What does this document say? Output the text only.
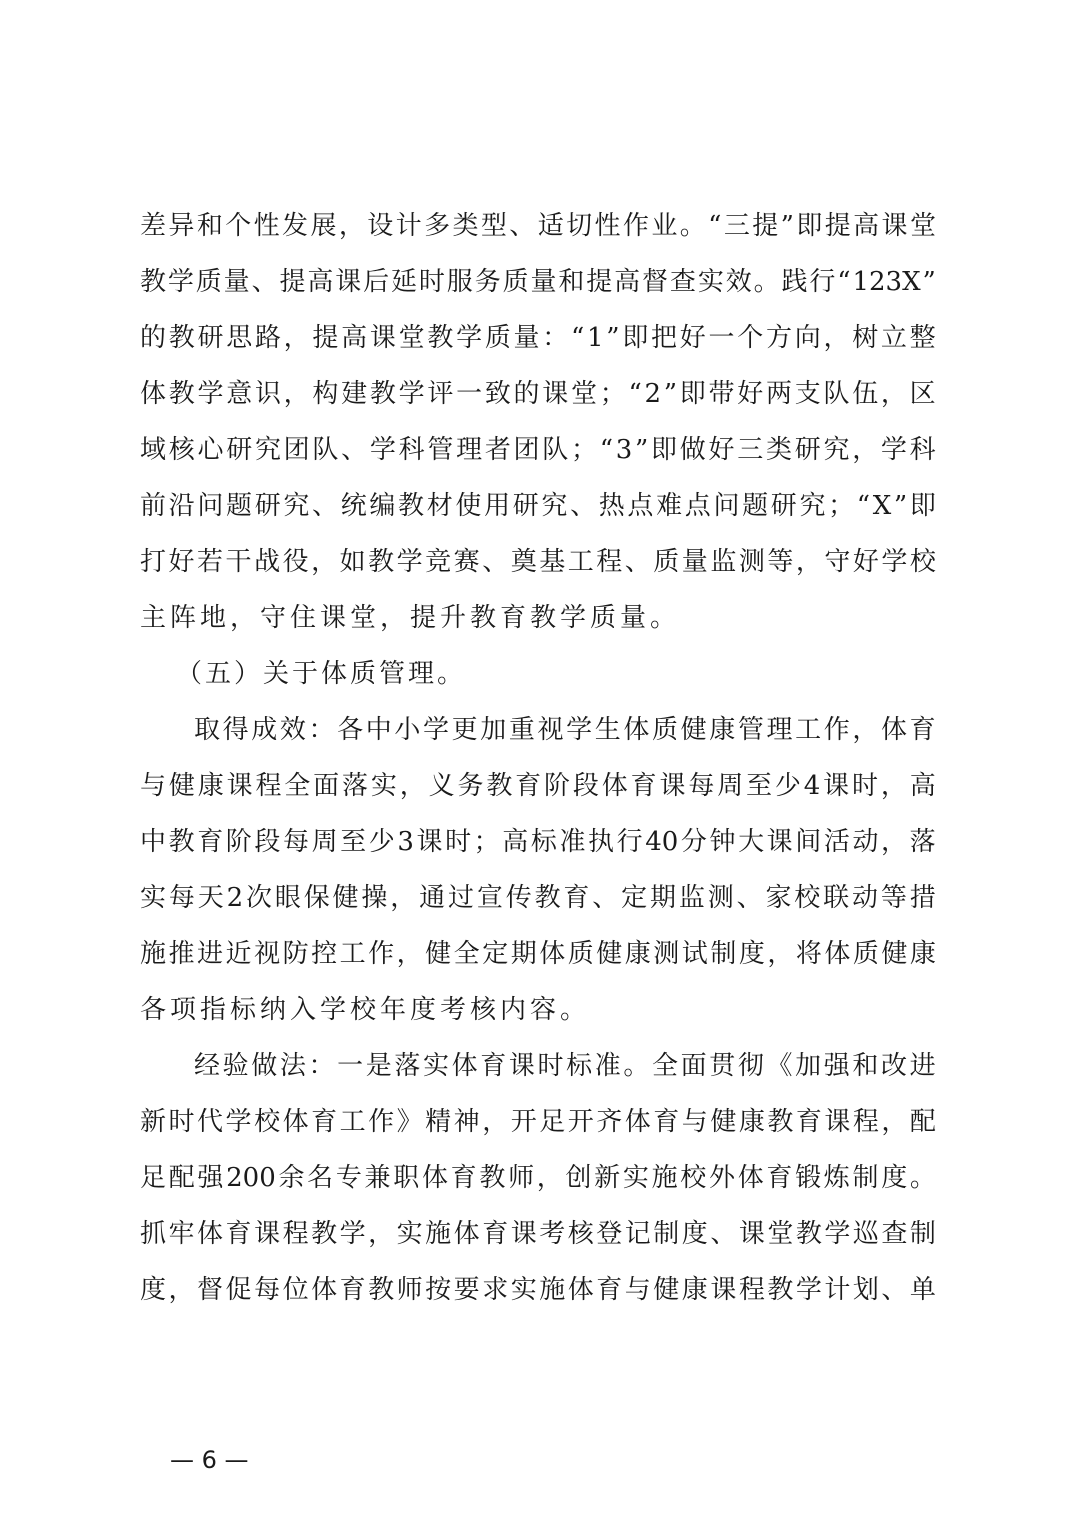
差 异 和 个 性 发 展 ， 设 计 多 类 型 、 适 切 性 作 业 。 “ 三 提 ” 即 提 高 课 堂
教 学 质 量 、 提 高 课 后 延 时 服 务 质 量 和 提 高 督 查 实 效 。 践 行 “ 123X ”
的 教 研 思 路 ， 提 高 课 堂 教 学 质 量 ： “ 1 ” 即 把 好 一 个 方 向 ， 树 立 整
体 教 学 意 识 ， 构 建 教 学 评 一 致 的 课 堂 ； “ 2 ” 即 带 好 两 支 队 伍 ， 区
域 核 心 研 究 团 队 、 学 科 管 理 者 团 队 ； “ 3 ” 即 做 好 三 类 研 究 ， 学 科
前 沿 问 题 研 究 、 统 编 教 材 使 用 研 究 、 热 点 难 点 问 题 研 究 ； “ X ” 即
打 好 若 干 战 役 ， 如 教 学 竞 赛 、 奠 基 工 程 、 质 量 监 测 等 ， 守 好 学 校
主阵地，守住课堂，提升教育教学质量。
（五）关于体质管理。
取 得 成 效 ： 各 中 小 学 更 加 重 视 学 生 体 质 健 康 管 理 工 作 ， 体 育
与 健 康 课 程 全 面 落 实 ， 义 务 教 育 阶 段 体 育 课 每 周 至 少 4 课 时 ， 高
中 教 育 阶 段 每 周 至 少 3 课 时 ； 高 标 准 执 行 40 分 钟 大 课 间 活 动 ， 落
实 每 天 2 次 眼 保 健 操 ， 通 过 宣 传 教 育 、 定 期 监 测 、 家 校 联 动 等 措
施 推 进 近 视 防 控 工 作 ， 健 全 定 期 体 质 健 康 测 试 制 度 ， 将 体 质 健 康
各项指标纳入学校年度考核内容。
经 验 做 法 ： 一 是 落 实 体 育 课 时 标 准 。 全 面 贯 彻 《 加 强 和 改 进
新 时 代 学 校 体 育 工 作 》 精 神 ， 开 足 开 齐 体 育 与 健 康 教 育 课 程 ， 配
足 配 强 200 余 名 专 兼 职 体 育 教 师 ， 创 新 实 施 校 外 体 育 锻 炼 制 度 。
抓 牢 体 育 课 程 教 学 ， 实 施 体 育 课 考 核 登 记 制 度 、 课 堂 教 学 巡 查 制
度 ， 督 促 每 位 体 育 教 师 按 要 求 实 施 体 育 与 健 康 课 程 教 学 计 划 、 单
— 6 —
